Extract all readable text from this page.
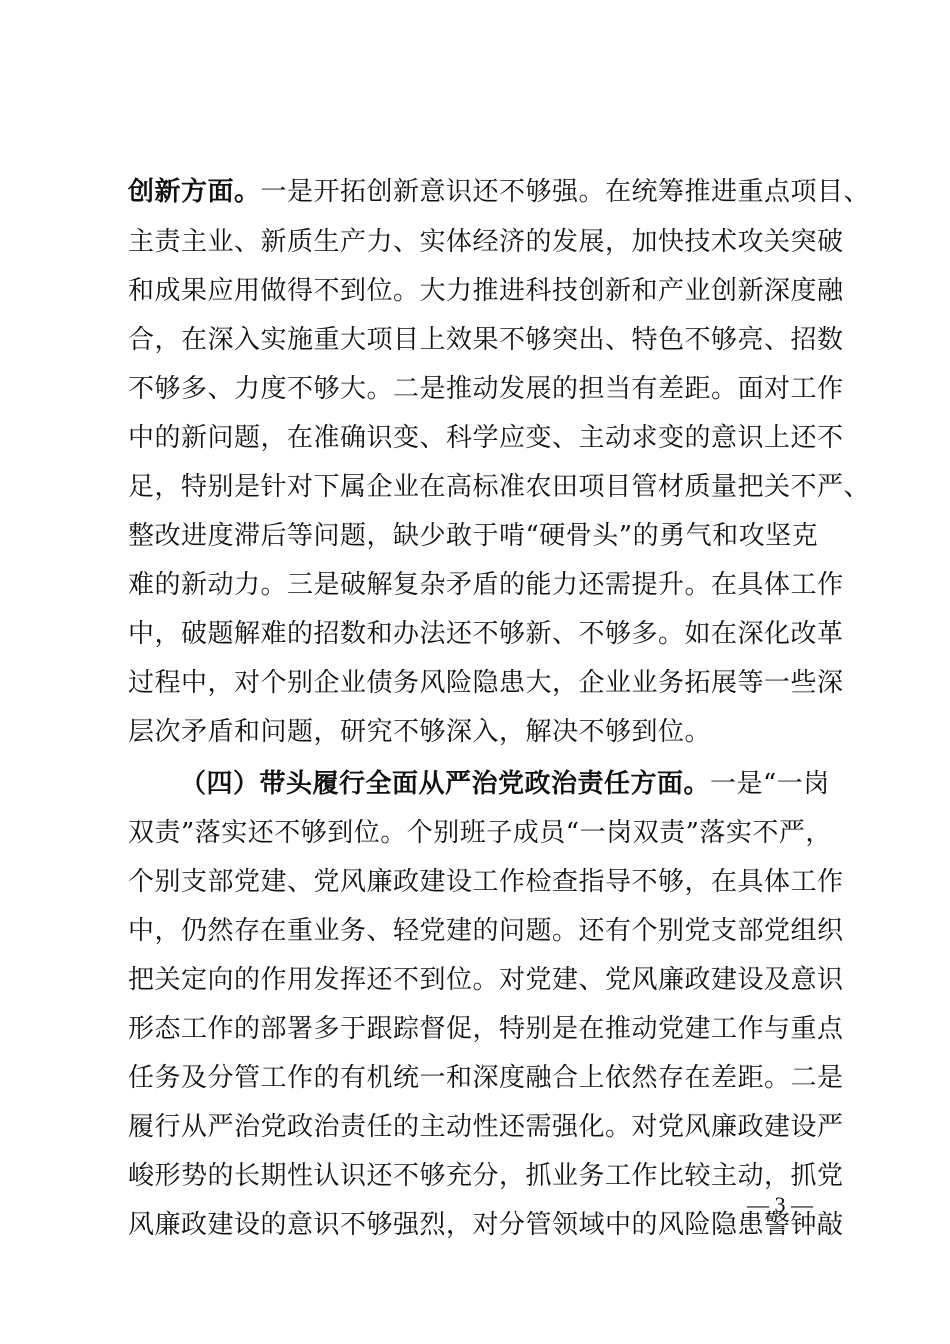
创新方面。一是开拓创新意识还不够强。在统筹推进重点项目、
主责主业、新质生产力、实体经济的发展，加快技术攻关突破
和成果应用做得不到位。大力推进科技创新和产业创新深度融
合，在深入实施重大项目上效果不够突出、特色不够亮、招数
不够多、力度不够大。二是推动发展的担当有差距。面对工作
中的新问题，在准确识变、科学应变、主动求变的意识上还不
足，特别是针对下属企业在高标准农田项目管材质量把关不严、
整改进度滞后等问题，缺少敢于啃“硬骨头”的勇气和攻坚克
难的新动力。三是破解复杂矛盾的能力还需提升。在具体工作
中，破题解难的招数和办法还不够新、不够多。如在深化改革
过程中，对个别企业债务风险隐患大，企业业务拓展等一些深
层次矛盾和问题，研究不够深入，解决不够到位。
（四）带头履行全面从严治党政治责任方面。一是“一岗
双责”落实还不够到位。个别班子成员“一岗双责”落实不严，
个别支部党建、党风廉政建设工作检查指导不够，在具体工作
中，仍然存在重业务、轻党建的问题。还有个别党支部党组织
把关定向的作用发挥还不到位。对党建、党风廉政建设及意识
形态工作的部署多于跟踪督促，特别是在推动党建工作与重点
任务及分管工作的有机统一和深度融合上依然存在差距。二是
履行从严治党政治责任的主动性还需强化。对党风廉政建设严
峻形势的长期性认识还不够充分，抓业务工作比较主动，抓党
风廉政建设的意识不够强烈，对分管领域中的风险隐患警钟敲
— 3 —
